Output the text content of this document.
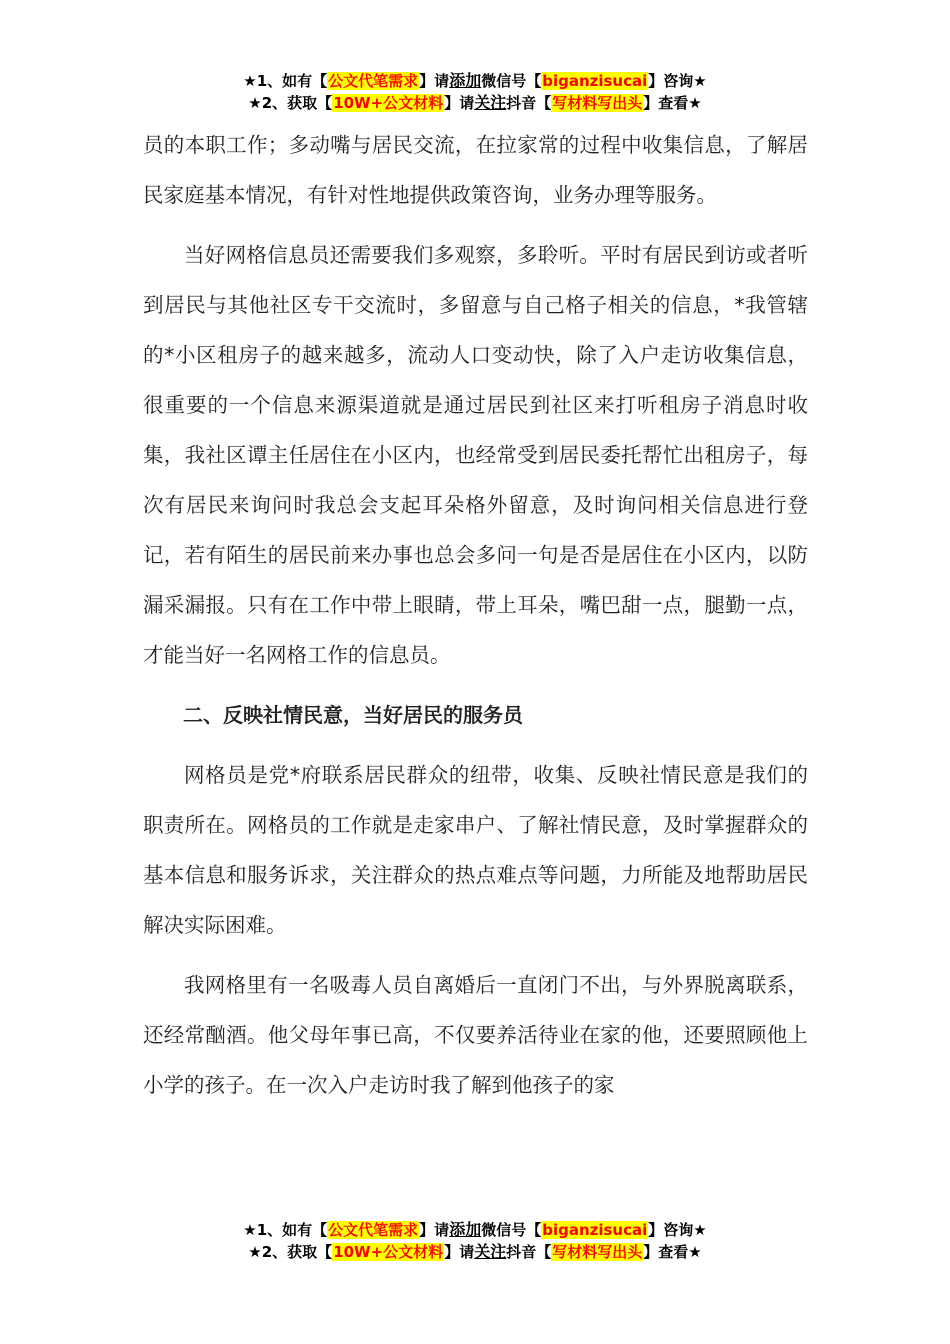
★1、如有【公文代笔需求】请添加微信号【biganzisucai】咨询★
★2、获取【10W+公文材料】请关注抖音【写材料写出头】查看★

员的本职工作；多动嘴与居民交流，在拉家常的过程中收集信息，了解居民家庭基本情况，有针对性地提供政策咨询，业务办理等服务。

当好网格信息员还需要我们多观察，多聆听。平时有居民到访或者听到居民与其他社区专干交流时，多留意与自己格子相关的信息，*我管辖的*小区租房子的越来越多，流动人口变动快，除了入户走访收集信息，很重要的一个信息来源渠道就是通过居民到社区来打听租房子消息时收集，我社区谭主任居住在小区内，也经常受到居民委托帮忙出租房子，每次有居民来询问时我总会支起耳朵格外留意，及时询问相关信息进行登记，若有陌生的居民前来办事也总会多问一句是否是居住在小区内，以防漏采漏报。只有在工作中带上眼睛，带上耳朵，嘴巴甜一点，腿勤一点，才能当好一名网格工作的信息员。

二、反映社情民意，当好居民的服务员

网格员是党*府联系居民群众的纽带，收集、反映社情民意是我们的职责所在。网格员的工作就是走家串户、了解社情民意，及时掌握群众的基本信息和服务诉求，关注群众的热点难点等问题，力所能及地帮助居民解决实际困难。

我网格里有一名吸毒人员自离婚后一直闭门不出，与外界脱离联系，还经常酗酒。他父母年事已高，不仅要养活待业在家的他，还要照顾他上小学的孩子。在一次入户走访时我了解到他孩子的家

★1、如有【公文代笔需求】请添加微信号【biganzisucai】咨询★
★2、获取【10W+公文材料】请关注抖音【写材料写出头】查看★
